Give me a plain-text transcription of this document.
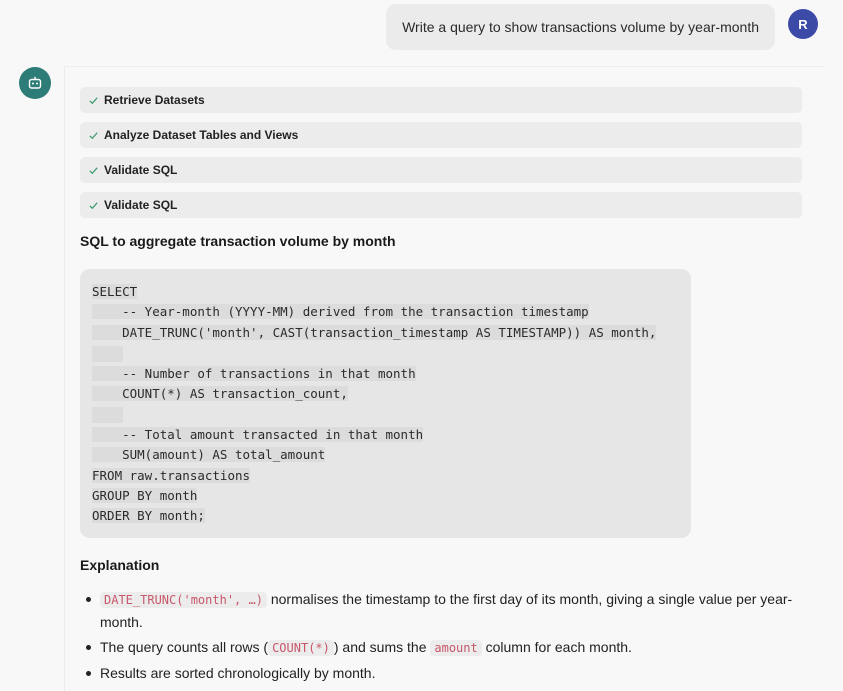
Write a query to show transactions volume by year-month	R
Retrieve Datasets
Analyze Dataset Tables and Views
Validate SQL
Validate SQL
SQL to aggregate transaction volume by month
SELECT
-- Year-month (YYYY-MM) derived from the transaction timestamp
DATE_TRUNC('month', CAST(transaction_timestamp AS TIMESTAMP)) AS month,
-- Number of transactions in that month
COUNT(*) AS transaction_count,
-- Total amount transacted in that month
SUM(amount) AS total_amount
FROM raw.transactions
GROUP BY month
ORDER BY month;
Explanation
DATE_TRUNC('month', …) normalises the timestamp to the first day of its month, giving a single value per year-month.
The query counts all rows ( COUNT(*) ) and sums the amount column for each month.
Results are sorted chronologically by month.
